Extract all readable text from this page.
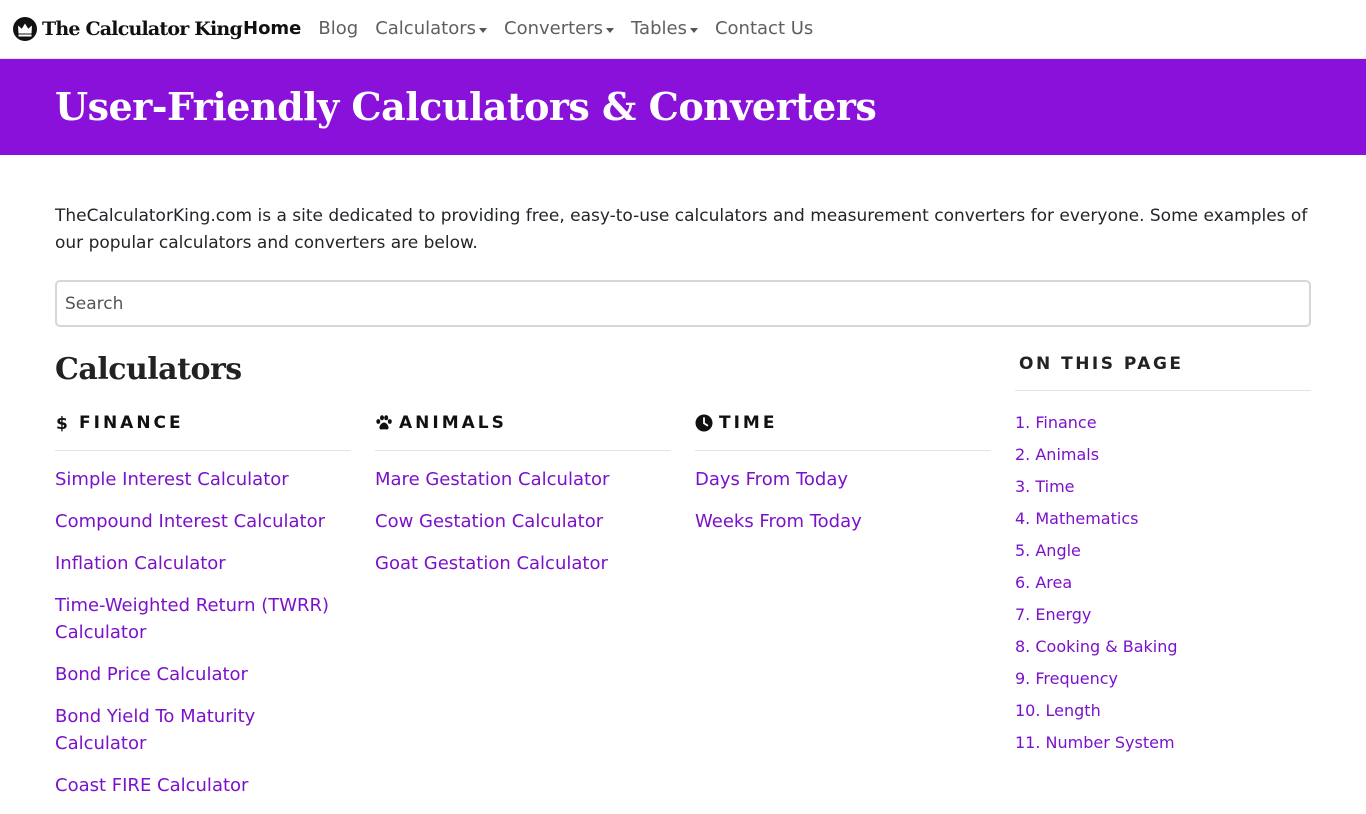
The Calculator King Home Blog Calculators Converters Tables Contact Us
User-Friendly Calculators & Converters

TheCalculatorKing.com is a site dedicated to providing free, easy-to-use calculators and measurement converters for everyone. Some examples of our popular calculators and converters are below.

Search
Calculators
$ FINANCE
Simple Interest Calculator
Compound Interest Calculator
Inflation Calculator
Time-Weighted Return (TWRR) Calculator
Bond Price Calculator
Bond Yield To Maturity Calculator
Coast FIRE Calculator
ANIMALS
Mare Gestation Calculator
Cow Gestation Calculator
Goat Gestation Calculator
TIME
Days From Today
Weeks From Today
ON THIS PAGE
1. Finance
2. Animals
3. Time
4. Mathematics
5. Angle
6. Area
7. Energy
8. Cooking & Baking
9. Frequency
10. Length
11. Number System
